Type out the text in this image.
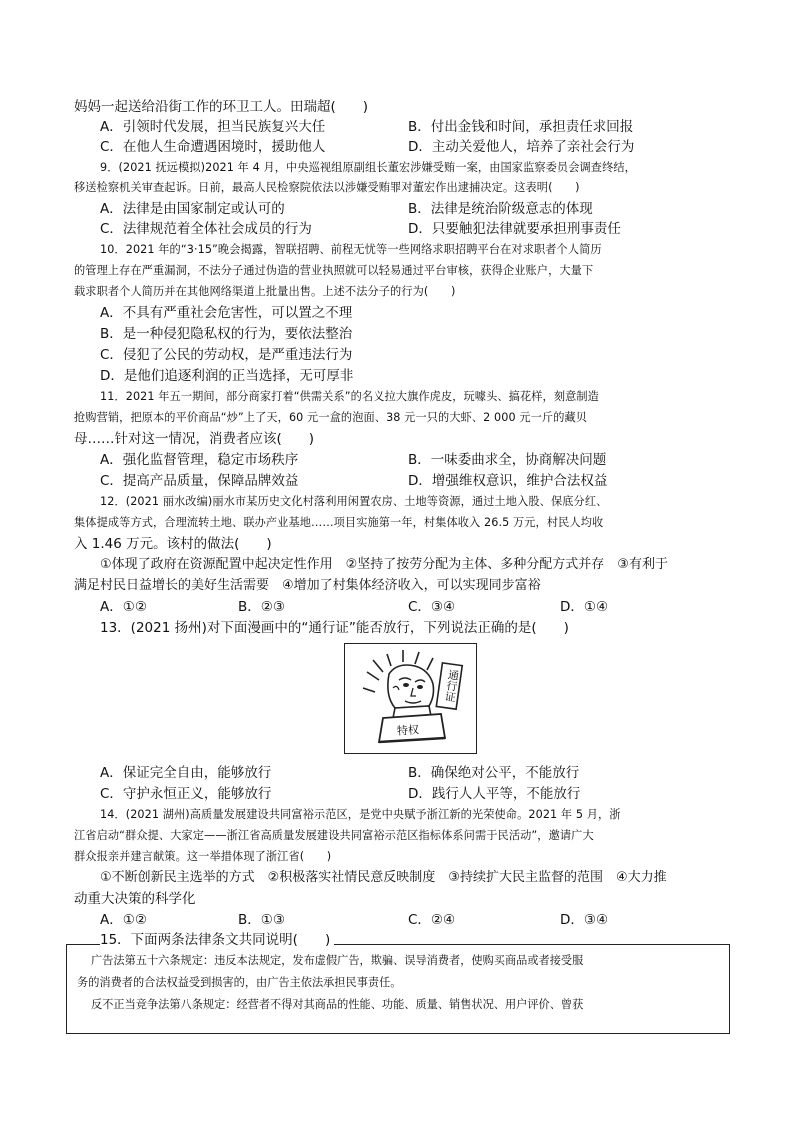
妈妈一起送给沿街工作的环卫工人。田瑞超(　　)
A．引领时代发展，担当民族复兴大任	B．付出金钱和时间，承担责任求回报
C．在他人生命遭遇困境时，援助他人	D．主动关爱他人，培养了亲社会行为
9．(2021 抚远模拟)2021 年 4 月，中央巡视组原副组长董宏涉嫌受贿一案，由国家监察委员会调查终结，
移送检察机关审查起诉。日前，最高人民检察院依法以涉嫌受贿罪对董宏作出逮捕决定。这表明(　　)
A．法律是由国家制定或认可的	B．法律是统治阶级意志的体现
C．法律规范着全体社会成员的行为	D．只要触犯法律就要承担刑事责任
10．2021 年的“3·15”晚会揭露，智联招聘、前程无忧等一些网络求职招聘平台在对求职者个人简历
的管理上存在严重漏洞，不法分子通过伪造的营业执照就可以轻易通过平台审核，获得企业账户，大量下
载求职者个人简历并在其他网络渠道上批量出售。上述不法分子的行为(　　)
A．不具有严重社会危害性，可以置之不理
B．是一种侵犯隐私权的行为，要依法整治
C．侵犯了公民的劳动权，是严重违法行为
D．是他们追逐利润的正当选择，无可厚非
11．2021 年五一期间，部分商家打着“供需关系”的名义拉大旗作虎皮，玩噱头、搞花样，刻意制造
抢购营销，把原本的平价商品“炒”上了天，60 元一盒的泡面、38 元一只的大虾、2 000 元一斤的藏贝
母……针对这一情况，消费者应该(　　)
A．强化监督管理，稳定市场秩序	B．一味委曲求全，协商解决问题
C．提高产品质量，保障品牌效益	D．增强维权意识，维护合法权益
12．(2021 丽水改编)丽水市某历史文化村落利用闲置农房、土地等资源，通过土地入股、保底分红、
集体提成等方式，合理流转土地、联办产业基地……项目实施第一年，村集体收入 26.5 万元，村民人均收
入 1.46 万元。该村的做法(　　)
①体现了政府在资源配置中起决定性作用　②坚持了按劳分配为主体、多种分配方式并存　③有利于
满足村民日益增长的美好生活需要　④增加了村集体经济收入，可以实现同步富裕
A．①②	B．②③	C．③④	D．①④
13．(2021 扬州)对下面漫画中的“通行证”能否放行，下列说法正确的是(　　)
通行证
特权
A．保证完全自由，能够放行	B．确保绝对公平，不能放行
C．守护永恒正义，能够放行	D．践行人人平等，不能放行
14．(2021 湖州)高质量发展建设共同富裕示范区，是党中央赋予浙江新的光荣使命。2021 年 5 月，浙
江省启动“群众提、大家定——浙江省高质量发展建设共同富裕示范区指标体系问需于民活动”，邀请广大
群众报亲并建言献策。这一举措体现了浙江省(　　)
①不断创新民主选举的方式　②积极落实社情民意反映制度　③持续扩大民主监督的范围　④大力推
动重大决策的科学化
A．①②	B．①③	C．②④	D．③④
15．下面两条法律条文共同说明(　　)
广告法第五十六条规定：违反本法规定，发布虚假广告，欺骗、误导消费者，使购买商品或者接受服
务的消费者的合法权益受到损害的，由广告主依法承担民事责任。
反不正当竞争法第八条规定：经营者不得对其商品的性能、功能、质量、销售状况、用户评价、曾获
